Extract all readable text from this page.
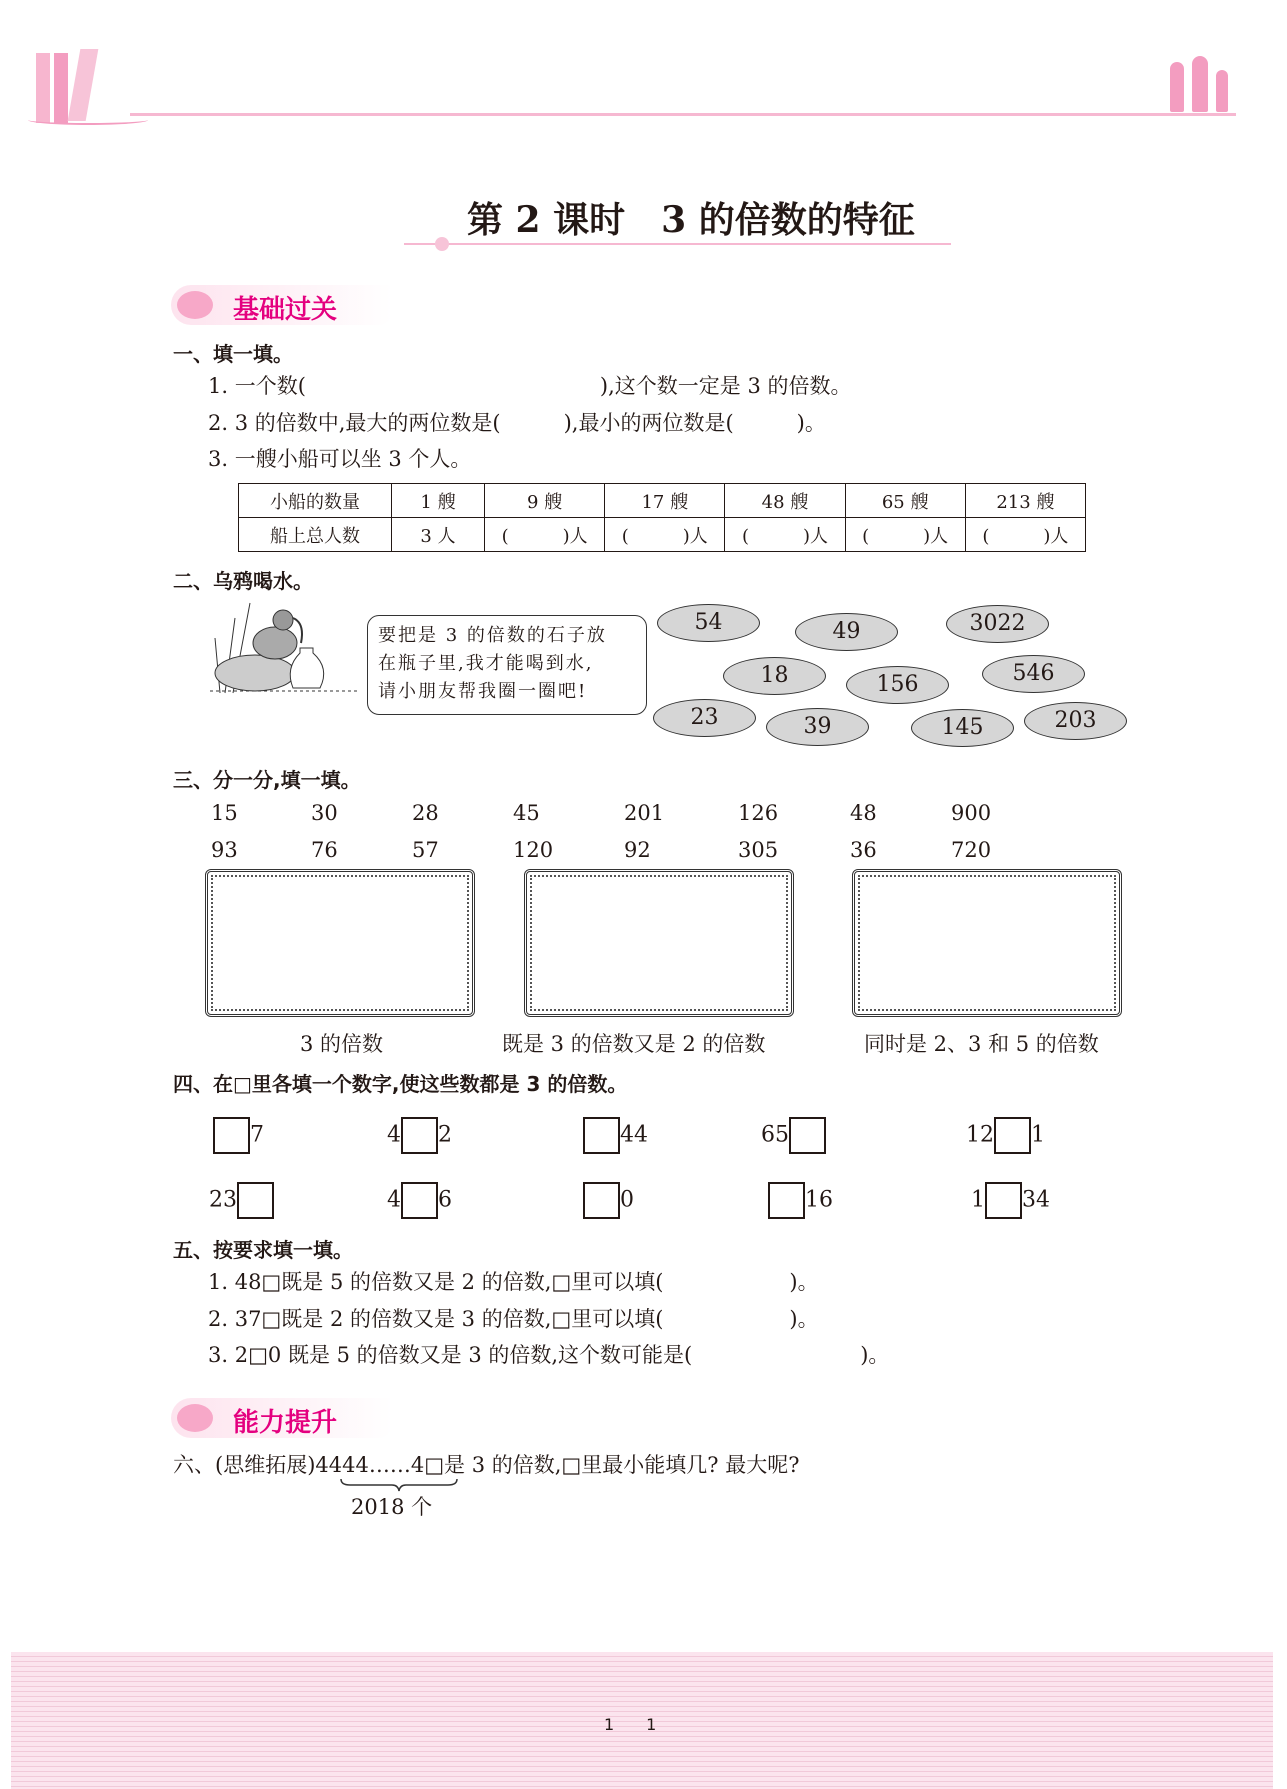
第 2 课时　3 的倍数的特征
基础过关
一、填一填。
1. 一个数(　　　　　　　　　　　　　　),这个数一定是 3 的倍数。
2. 3 的倍数中,最大的两位数是(　　　),最小的两位数是(　　　)。
3. 一艘小船可以坐 3 个人。
小船的数量	1 艘	9 艘	17 艘	48 艘	65 艘	213 艘
船上总人数	3 人	(　　　)人	(　　　)人	(　　　)人	(　　　)人	(　　　)人
二、乌鸦喝水。
要把是 3 的倍数的石子放
在瓶子里,我才能喝到水,
请小朋友帮我圈一圈吧!
54	49	3022
18	156	546
23	39	145	203
三、分一分,填一填。
15	30	28	45	201	126	48	900
93	76	57	120	92	305	36	720
3 的倍数	既是 3 的倍数又是 2 的倍数	同时是 2、3 和 5 的倍数
四、在□里各填一个数字,使这些数都是 3 的倍数。
7	4 2	44	65	12 1
23	4 6	0	16	1 34
五、按要求填一填。
1. 48□既是 5 的倍数又是 2 的倍数,□里可以填(　　　　　　)。
2. 37□既是 2 的倍数又是 3 的倍数,□里可以填(　　　　　　)。
3. 2□0 既是 5 的倍数又是 3 的倍数,这个数可能是(　　　　　　　　)。
能力提升
六、(思维拓展)4444……4□是 3 的倍数,□里最小能填几? 最大呢?
2018 个
1　　1
